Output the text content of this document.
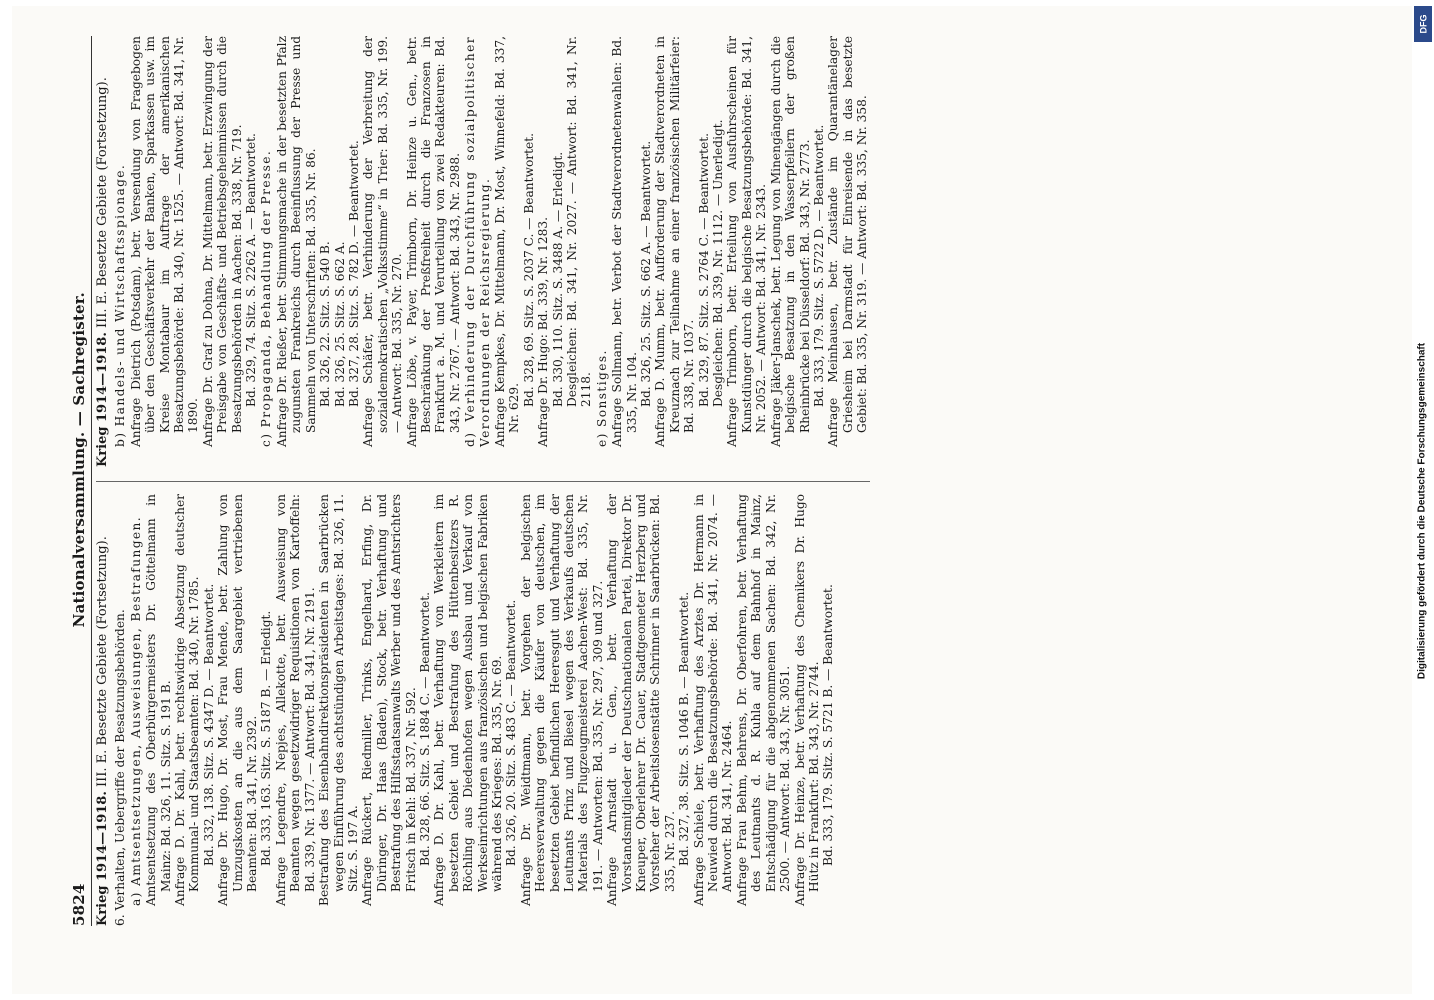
5824
Nationalversammlung. — Sachregister.
Krieg 1914—1918. III. E. Besetzte Gebiete (Fortsetzung). 6. Verhalten, Uebergriffe der Besatzungsbehörden. a) Amtsentsetzungen, Ausweisungen, Bestrafungen. Amtsentsetzung des Oberbürgermeisters Dr. Göttelmann in Mainz: Bd. 326, 11. Sitz. S. 191 B. Anfrage D. Dr. Kahl, betr. rechtswidrige Absetzung deutscher Kommunal- und Staatsbeamten: Bd. 340, Nr. 1785. Bd. 332, 138. Sitz. S. 4347 D. — Beantwortet. Anfrage Dr. Hugo, Dr. Most, Frau Mende, betr. Zahlung von Umzugskosten an die aus dem Saargebiet vertriebenen Beamten: Bd. 341, Nr. 2392. Bd. 333, 163. Sitz. S. 5187 B. — Erledigt. Anfrage Legendre, Nepjes, Allekotte, betr. Ausweisung von Beamten wegen gesetzwidriger Requisitionen von Kartoffeln: Bd. 339, Nr. 1377. — Antwort: Bd. 341, Nr. 2191. Bestrafung des Eisenbahndirektionspräsidenten in Saarbrücken wegen Einführung des achtstündigen Arbeitstages: Bd. 326, 11. Sitz. S. 197 A. Anfrage Rückert, Riedmiller, Trinks, Engelhard, Erfing, Dr. Düringer, Dr. Haas (Baden), Stock, betr. Verhaftung und Bestrafung des Hilfsstaatsanwalts Werber und des Amtsrichters Fritsch in Kehl: Bd. 337, Nr. 592. Bd. 328, 66. Sitz. S. 1884 C. — Beantwortet. Anfrage D. Dr. Kahl, betr. Verhaftung von Werkleitern im besetzten Gebiet und Bestrafung des Hüttenbesitzers R. Röchling aus Diedenhofen wegen Ausbau und Verkauf von Werkseinrichtungen aus französischen und belgischen Fabriken während des Krieges: Bd. 335, Nr. 69. Bd. 326, 20. Sitz. S. 483 C. — Beantwortet. Anfrage Dr. Weidtmann, betr. Vorgehen der belgischen Heeresverwaltung gegen die Käufer von deutschen, im besetzten Gebiet befindlichen Heeresgut und Verhaftung der Leutnants Prinz und Biesel wegen des Verkaufs deutschen Materials des Flugzeugmeisterei Aachen-West: Bd. 335, Nr. 191. — Antworten: Bd. 335, Nr. 297, 309 und 327. Anfrage Arnstadt u. Gen., betr. Verhaftung der Vorstandsmitglieder der Deutschnationalen Partei, Direktor Dr. Kneuper, Oberlehrer Dr. Cauer, Stadtgeometer Herzberg und Vorsteher der Arbeitslosenstätte Schrinner in Saarbrücken: Bd. 335, Nr. 237. Bd. 327, 38. Sitz. S. 1046 B. — Beantwortet. Anfrage Schiele, betr. Verhaftung des Arztes Dr. Hermann in Neuwied durch die Besatzungsbehörde: Bd. 341, Nr. 2074. — Antwort: Bd. 341, Nr. 2464. Anfrage Frau Behm, Behrens, Dr. Oberfohren, betr. Verhaftung des Leutnants d. R. Kuhla auf dem Bahnhof in Mainz, Entschädigung für die abgenommenen Sachen: Bd. 342, Nr. 2500. — Antwort: Bd. 343, Nr. 3051. Anfrage Dr. Heinze, betr. Verhaftung des Chemikers Dr. Hugo Hütz in Frankfurt: Bd. 343, Nr. 2744. Bd. 333, 179. Sitz. S. 5721 B. — Beantwortet.
Krieg 1914—1918. III. E. Besetzte Gebiete (Fortsetzung). b) Handels- und Wirtschaftsspionage. Anfrage Dietrich (Potsdam), betr. Versendung von Fragebogen über den Geschäftsverkehr der Banken, Sparkassen usw. im Kreise Montabaur im Auftrage der amerikanischen Besatzungsbehörde: Bd. 340, Nr. 1525. — Antwort: Bd. 341, Nr. 1890. Anfrage Dr. Graf zu Dohna, Dr. Mittelmann, betr. Erzwingung der Preisgabe von Geschäfts- und Betriebsgeheimnissen durch die Besatzungsbehörden in Aachen: Bd. 338, Nr. 719. Bd. 329, 74. Sitz. S. 2262 A. — Beantwortet. c) Propaganda, Behandlung der Presse. Anfrage Dr. Rießer, betr. Stimmungsmache in der besetzten Pfalz zugunsten Frankreichs durch Beeinflussung der Presse und Sammeln von Unterschriften: Bd. 335, Nr. 86. Bd. 326, 22. Sitz. S. 540 B. Bd. 326, 25. Sitz. S. 662 A. Bd. 327, 28. Sitz. S. 782 D. — Beantwortet. Anfrage Schäfer, betr. Verhinderung der Verbreitung der sozialdemokratischen „Volksstimme“ in Trier: Bd. 335, Nr. 199. — Antwort: Bd. 335, Nr. 270. Anfrage Löbe, v. Payer, Trimborn, Dr. Heinze u. Gen., betr. Beschränkung der Preßfreiheit durch die Franzosen in Frankfurt a. M. und Verurteilung von zwei Redakteuren: Bd. 343, Nr. 2767. — Antwort: Bd. 343, Nr. 2988. d) Verhinderung der Durchführung sozialpolitischer Verordnungen der Reichsregierung. Anfrage Kempkes, Dr. Mittelmann, Dr. Most, Winnefeld: Bd. 337, Nr. 629.
Bd. 328, 69. Sitz. S. 2037 C. — Beantwortet. Anfrage Dr. Hugo: Bd. 339, Nr. 1283. Bd. 330, 110. Sitz. S. 3488 A. — Erledigt. Desgleichen: Bd. 341, Nr. 2027. — Antwort: Bd. 341, Nr. 2118. e) Sonstiges. Anfrage Sollmann, betr. Verbot der Stadtverordnetenwahlen: Bd. 335, Nr. 104. Bd. 326, 25. Sitz. S. 662 A. — Beantwortet. Anfrage D. Mumm, betr. Aufforderung der Stadtverordneten in Kreuznach zur Teilnahme an einer französischen Militärfeier: Bd. 338, Nr. 1037. Bd. 329, 87. Sitz. S. 2764 C. — Beantwortet. Desgleichen: Bd. 339, Nr. 1112. — Unerledigt. Anfrage Trimborn, betr. Erteilung von Ausfuhrscheinen für Kunstdünger durch die belgische Besatzungsbehörde: Bd. 341, Nr. 2052. — Antwort: Bd. 341, Nr. 2343. Anfrage Jäker-Janschek, betr. Legung von Minengängen durch die belgische Besatzung in den Wasserpfeilern der großen Rheinbrücke bei Düsseldorf: Bd. 343, Nr. 2773. Bd. 333, 179. Sitz. S. 5722 D. — Beantwortet. Anfrage Meinhausen, betr. Zustände im Quarantänelager Griesheim bei Darmstadt für Einreisende in das besetzte Gebiet: Bd. 335, Nr. 319. — Antwort: Bd. 335, Nr. 358.
DFG
Digitalisierung gefördert durch die Deutsche Forschungsgemeinschaft
